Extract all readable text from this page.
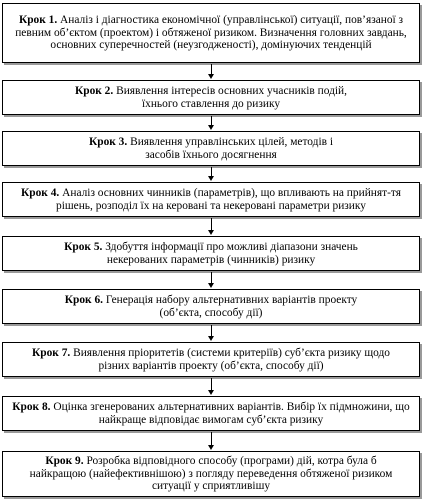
Крок 1. Аналіз і діагностика економічної (управлінської) ситуації, пов’язаної з певним об’єктом (проектом) і обтяженої ризиком. Визначення головних завдань, основних суперечностей (неузгодженості), домінуючих тенденцій
Крок 2. Виявлення інтересів основних учасників подій, їхнього ставлення до ризику
Крок 3. Виявлення управлінських цілей, методів і засобів їхнього досягнення
Крок 4. Аналіз основних чинників (параметрів), що впливають на прийнят-тя рішень, розподіл їх на керовані та некеровані параметри ризику
Крок 5. Здобуття інформації про можливі діапазони значень некерованих параметрів (чинників) ризику
Крок 6. Генерація набору альтернативних варіантів проекту (об’єкта, способу дії)
Крок 7. Виявлення пріоритетів (системи критеріїв) суб’єкта ризику щодо різних варіантів проекту (об’єкта, способу дії)
Крок 8. Оцінка згенерованих альтернативних варіантів. Вибір їх підмножини, що найкраще відповідає вимогам суб’єкта ризику
Крок 9. Розробка відповідного способу (програми) дій, котра була б найкращою (найефективнішою) з погляду переведення обтяженої ризиком ситуації у сприятливішу
